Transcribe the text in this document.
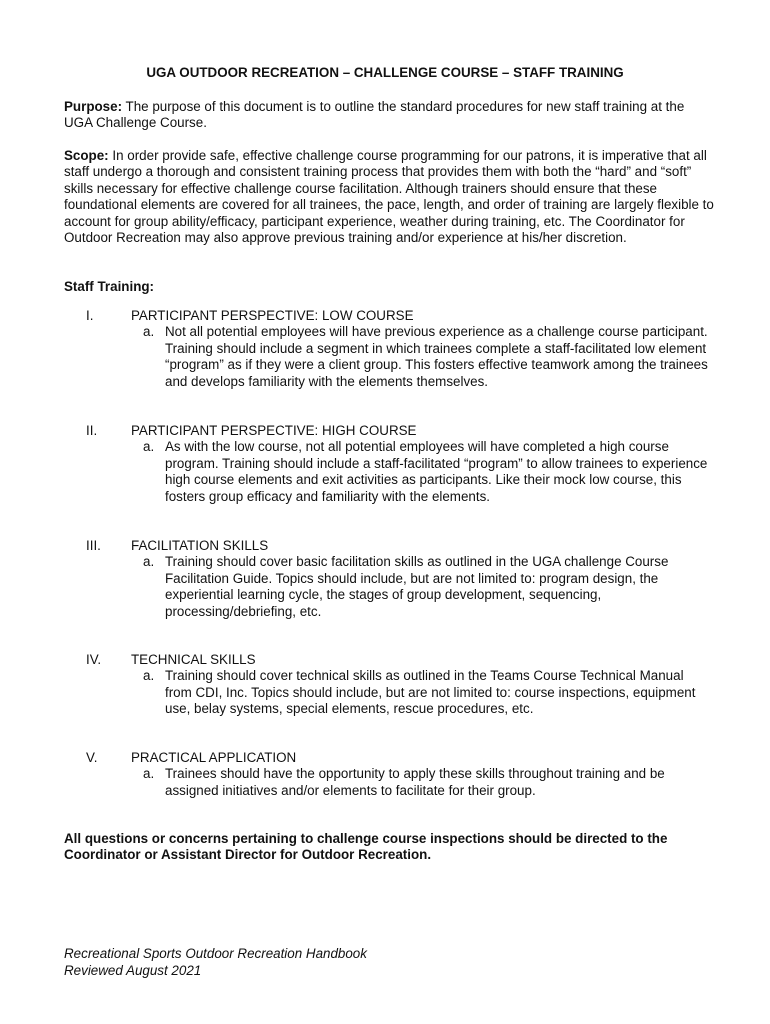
UGA OUTDOOR RECREATION – CHALLENGE COURSE – STAFF TRAINING

Purpose: The purpose of this document is to outline the standard procedures for new staff training at the UGA Challenge Course.

Scope: In order provide safe, effective challenge course programming for our patrons, it is imperative that all staff undergo a thorough and consistent training process that provides them with both the “hard” and “soft” skills necessary for effective challenge course facilitation. Although trainers should ensure that these foundational elements are covered for all trainees, the pace, length, and order of training are largely flexible to account for group ability/efficacy, participant experience, weather during training, etc. The Coordinator for Outdoor Recreation may also approve previous training and/or experience at his/her discretion.

Staff Training:

I.	PARTICIPANT PERSPECTIVE: LOW COURSE
a. Not all potential employees will have previous experience as a challenge course participant. Training should include a segment in which trainees complete a staff-facilitated low element “program” as if they were a client group. This fosters effective teamwork among the trainees and develops familiarity with the elements themselves.
II.	PARTICIPANT PERSPECTIVE: HIGH COURSE
a. As with the low course, not all potential employees will have completed a high course program. Training should include a staff-facilitated “program” to allow trainees to experience high course elements and exit activities as participants. Like their mock low course, this fosters group efficacy and familiarity with the elements.
III. FACILITATION SKILLS
a. Training should cover basic facilitation skills as outlined in the UGA challenge Course Facilitation Guide. Topics should include, but are not limited to: program design, the experiential learning cycle, the stages of group development, sequencing, processing/debriefing, etc.
IV. TECHNICAL SKILLS
a. Training should cover technical skills as outlined in the Teams Course Technical Manual from CDI, Inc. Topics should include, but are not limited to: course inspections, equipment use, belay systems, special elements, rescue procedures, etc.
V.	PRACTICAL APPLICATION
a. Trainees should have the opportunity to apply these skills throughout training and be assigned initiatives and/or elements to facilitate for their group.

All questions or concerns pertaining to challenge course inspections should be directed to the Coordinator or Assistant Director for Outdoor Recreation.

Recreational Sports Outdoor Recreation Handbook
Reviewed August 2021
